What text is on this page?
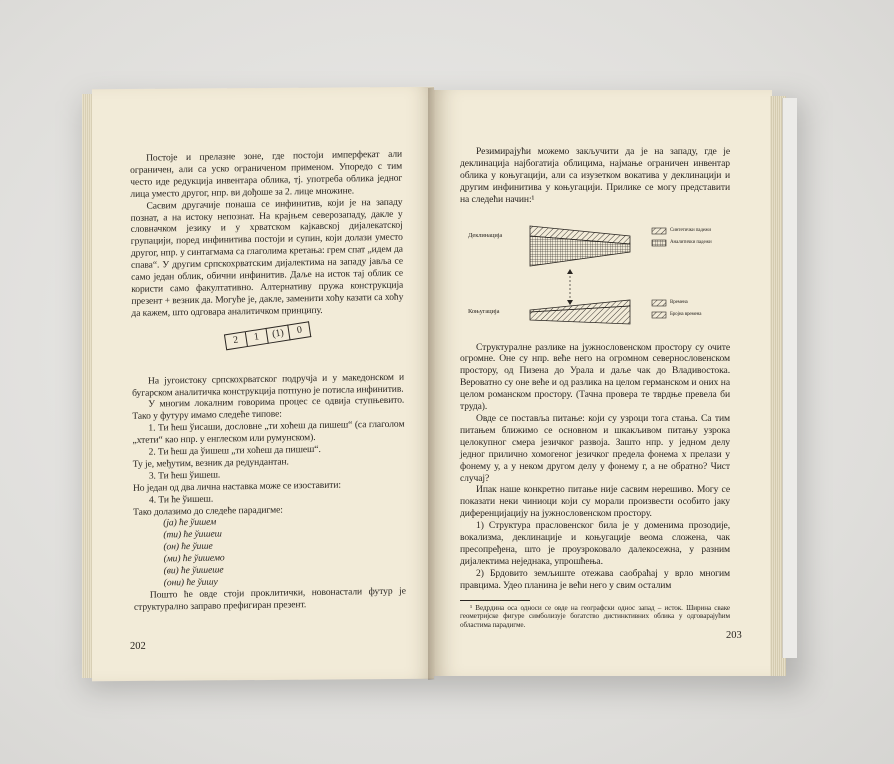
Постоје и прелазне зоне, где постоји имперфекат али ограничен, али са уско ограниченом применом. Упоредо с тим често иде редукција инвентара облика, тј. употреба облика једног лица уместо другог, нпр. ви дођоше за 2. лице множине.

Сасвим другачије понаша се инфинитив, који је на западу познат, а на истоку непознат. На крајњем северозападу, дакле у словначком језику и у хрватском кајкавској дијалекатској групацији, поред инфинитива постоји и супин, који долази уместо другог, нпр. у синтагмама са глаголима кретања: грем спат „идем да спава“. У другим српскохрватским дијалектима на западу јавља се само један облик, обични инфинитив. Даље на исток тај облик се користи само факултативно. Алтернативу пружа конструкција презент + везник да. Могуће је, дакле, заменити хоћу казати са хоћу да кажем, што одговара аналитичком принципу.

2	1	(1)	0

На југоистоку српскохрватског подручја и у македонском и бугарском аналитичка конструкција потпуно је потисла инфинитив.

У многим локалним говорима процес се одвија ступњевито. Тако у футуру имамо следеће типове:

1. Ти ћеш ўисаши, дословне „ти хоћеш да пишеш“ (са глаголом „хтети“ као нпр. у енглеском или румунском).

2. Ти ћеш да ўишеш „ти хоћеш да пишеш“.

Ту је, међутим, везник да редундантан.

3. Ти ћеш ўишеш.

Но један од два лична наставка може се изоставити:

4. Ти ће ўишеш.

Тако долазимо до следеће парадигме:

(ја) ће ўишем

(ти) ће ўишеш

(он) ће ўише

(ми) ће ўишемо

(ви) ће ўишеше

(они) ће ўишу

Пошто ће овде стоји проклитички, новонастали футур је структурално заправо префигиран презент.

202

Резимирајући можемо закључити да је на западу, где је деклинација најбогатија облицима, најмање ограничен инвентар облика у коњугацији, али са изузетком вокатива у деклинацији и другим инфинитива у коњугацији. Прилике се могу представити на следећи начин:¹

Деклинација
Коњугација
Синтетички падежи
Аналитички падежи
Времена
Бројна времена

Структуралне разлике на јужнословенском простору су очите огромне. Оне су нпр. веће него на огромном севернословенском простору, од Пизена до Урала и даље чак до Владивостока. Вероватно су оне веће и од разлика на целом германском и оних на целом романском простору. (Тачна провера те тврдње превела би труда).

Овде се поставља питање: који су узроци тога стања. Са тим питањем ближимо се основном и шкакљивом питању узрока целокупног смера језичког развоја. Зашто нпр. у једном делу једног прилично хомогеног језичког предела фонема х прелази у фонему у, а у неком другом делу у фонему г, а не обратно? Чист случај?

Ипак наше конкретно питање није сасвим нерешиво. Могу се показати неки чиниоци који су морали произвести особито јаку диференцијацију на јужнословенском простору.

1) Структура прасловенског била је у доменима прозодије, вокализма, деклинације и коњугације веома сложена, чак пресопређена, што је проузроковало далекосежна, у разним дијалектима неједнака, упрошћења.

2) Брдовито земљиште отежава саобраћај у врло многим правцима. Удео планина је већи него у свим осталим

¹ Ведрдина оса односи се овде на географски однос запад – исток. Ширина сваке геометријске фигуре симболизује богатство дистинктивних облика у одговарајућим областима парадигме.

203
